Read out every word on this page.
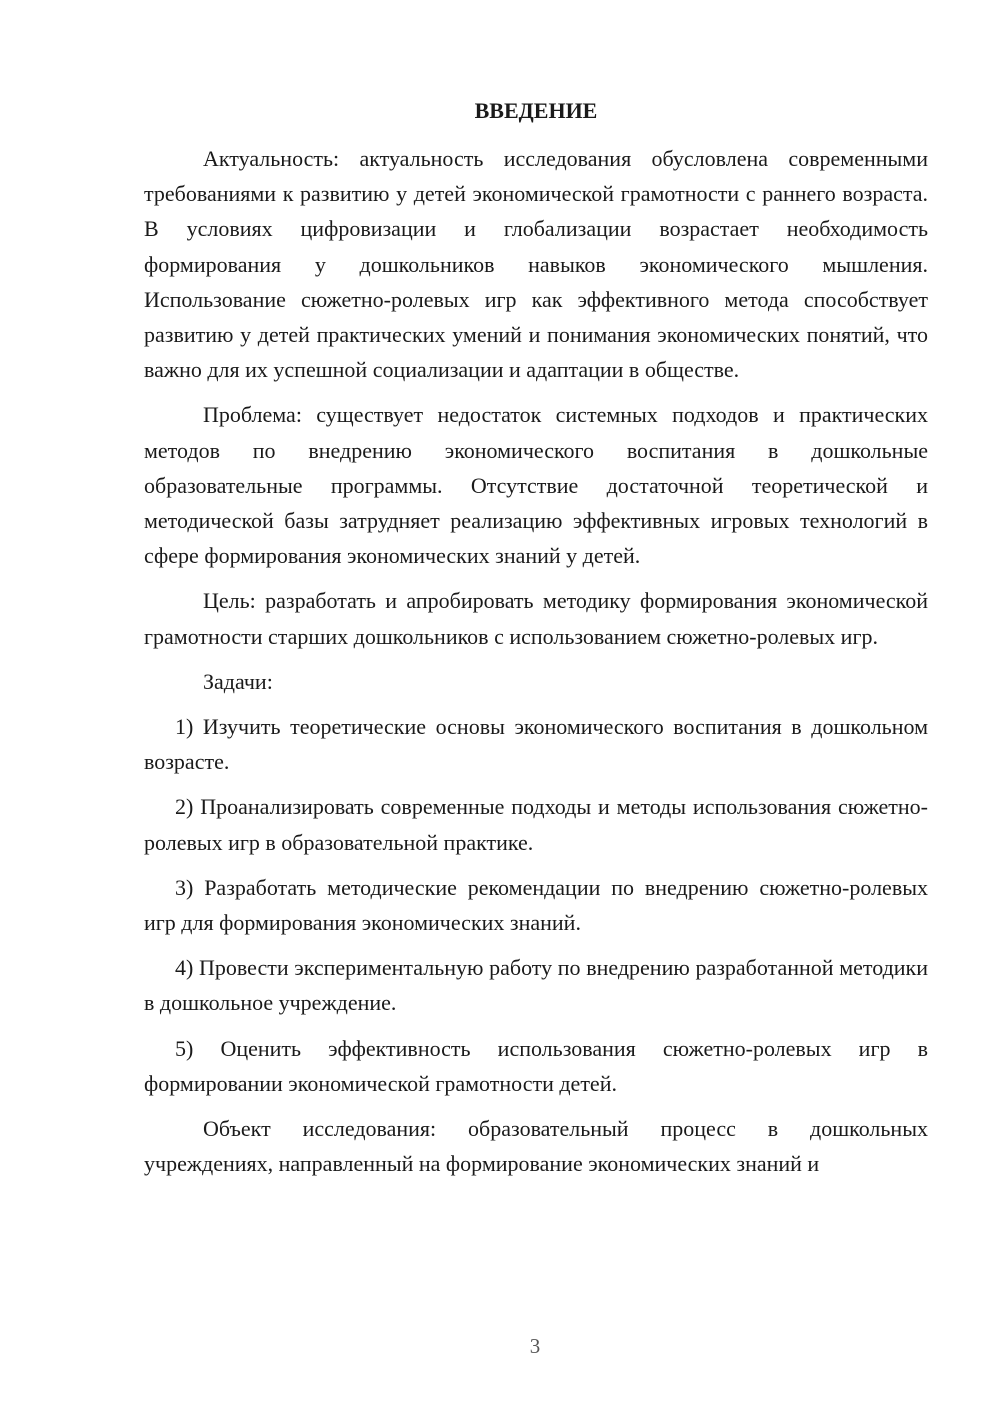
ВВЕДЕНИЕ

Актуальность: актуальность исследования обусловлена современными требованиями к развитию у детей экономической грамотности с раннего возраста. В условиях цифровизации и глобализации возрастает необходимость формирования у дошкольников навыков экономического мышления. Использование сюжетно-ролевых игр как эффективного метода способствует развитию у детей практических умений и понимания экономических понятий, что важно для их успешной социализации и адаптации в обществе.

Проблема: существует недостаток системных подходов и практических методов по внедрению экономического воспитания в дошкольные образовательные программы. Отсутствие достаточной теоретической и методической базы затрудняет реализацию эффективных игровых технологий в сфере формирования экономических знаний у детей.

Цель: разработать и апробировать методику формирования экономической грамотности старших дошкольников с использованием сюжетно-ролевых игр.

Задачи:

1) Изучить теоретические основы экономического воспитания в дошкольном возрасте.

2) Проанализировать современные подходы и методы использования сюжетно-ролевых игр в образовательной практике.

3) Разработать методические рекомендации по внедрению сюжетно-ролевых игр для формирования экономических знаний.

4) Провести экспериментальную работу по внедрению разработанной методики в дошкольное учреждение.

5) Оценить эффективность использования сюжетно-ролевых игр в формировании экономической грамотности детей.

Объект исследования: образовательный процесс в дошкольных учреждениях, направленный на формирование экономических знаний и

3
